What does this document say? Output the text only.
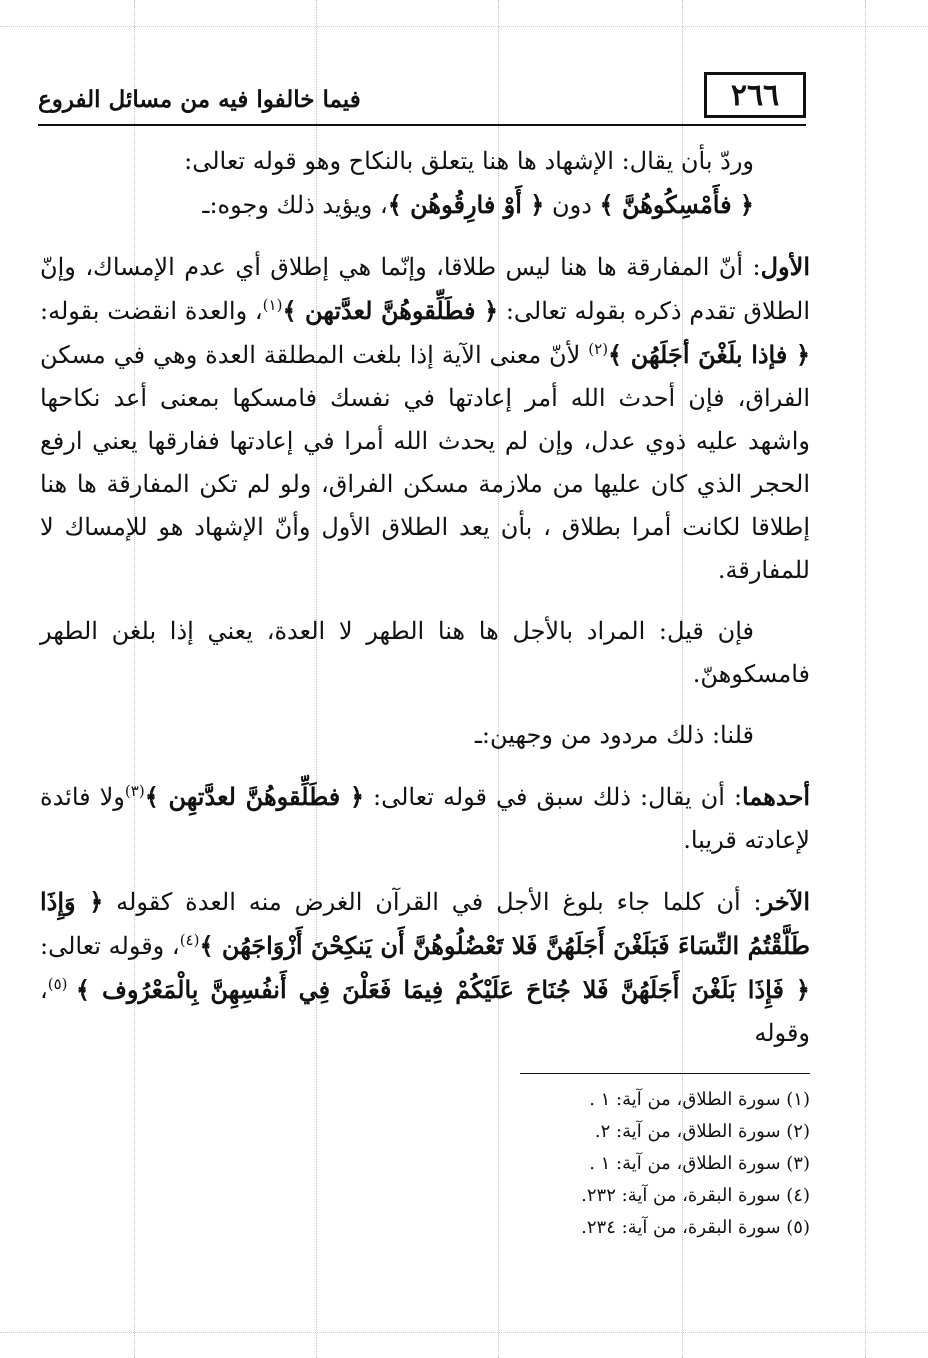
٢٦٦
فيما خالفوا فيه من مسائل الفروع

وردّ بأن يقال: الإشهاد ها هنا يتعلق بالنكاح وهو قوله تعالى:

﴿ فأَمْسِكُوهُنَّ ﴾ دون ﴿ أَوْ فارِقُوهُن ﴾، ويؤيد ذلك وجوه:ـ

الأول: أنّ المفارقة ها هنا ليس طلاقا، وإنّما هي إطلاق أي عدم الإمساك، وإنّ الطلاق تقدم ذكره بقوله تعالى: ﴿ فطَلِّقوهُنَّ لعدَّتهن ﴾$^{(١)}$، والعدة انقضت بقوله: ﴿ فإذا بلَغْنَ أجَلَهُن ﴾$^{(٢)}$ لأنّ معنى الآية إذا بلغت المطلقة العدة وهي في مسكن الفراق، فإن أحدث الله أمر إعادتها في نفسك فامسكها بمعنى أعد نكاحها واشهد عليه ذوي عدل، وإن لم يحدث الله أمرا في إعادتها ففارقها يعني ارفع الحجر الذي كان عليها من ملازمة مسكن الفراق، ولو لم تكن المفارقة ها هنا إطلاقا لكانت أمرا بطلاق ، بأن يعد الطلاق الأول وأنّ الإشهاد هو للإمساك لا للمفارقة.

فإن قيل: المراد بالأجل ها هنا الطهر لا العدة، يعني إذا بلغن الطهر فامسكوهنّ.

قلنا: ذلك مردود من وجهين:ـ

أحدهما: أن يقال: ذلك سبق في قوله تعالى: ﴿ فطَلِّقوهُنَّ لعدَّتهِن ﴾$^{(٣)}$ولا فائدة لإعادته قريبا.

الآخر: أن كلما جاء بلوغ الأجل في القرآن الغرض منه العدة كقوله ﴿ وَإِذَا طَلَّقْتُمُ النِّسَاءَ فَبَلَغْنَ أَجَلَهُنَّ فَلا تَعْضُلُوهُنَّ أَن يَنكِحْنَ أَزْوَاجَهُن ﴾$^{(٤)}$، وقوله تعالى: ﴿ فَإِذَا بَلَغْنَ أَجَلَهُنَّ فَلا جُنَاحَ عَلَيْكُمْ فِيمَا فَعَلْنَ فِي أَنفُسِهِنَّ بِالْمَعْرُوف ﴾ $^{(٥)}$، وقوله

(١) سورة الطلاق، من آية: ١ .
(٢) سورة الطلاق، من آية: ٢.
(٣) سورة الطلاق، من آية: ١ .
(٤) سورة البقرة، من آية: ٢٣٢.
(٥) سورة البقرة، من آية: ٢٣٤.
